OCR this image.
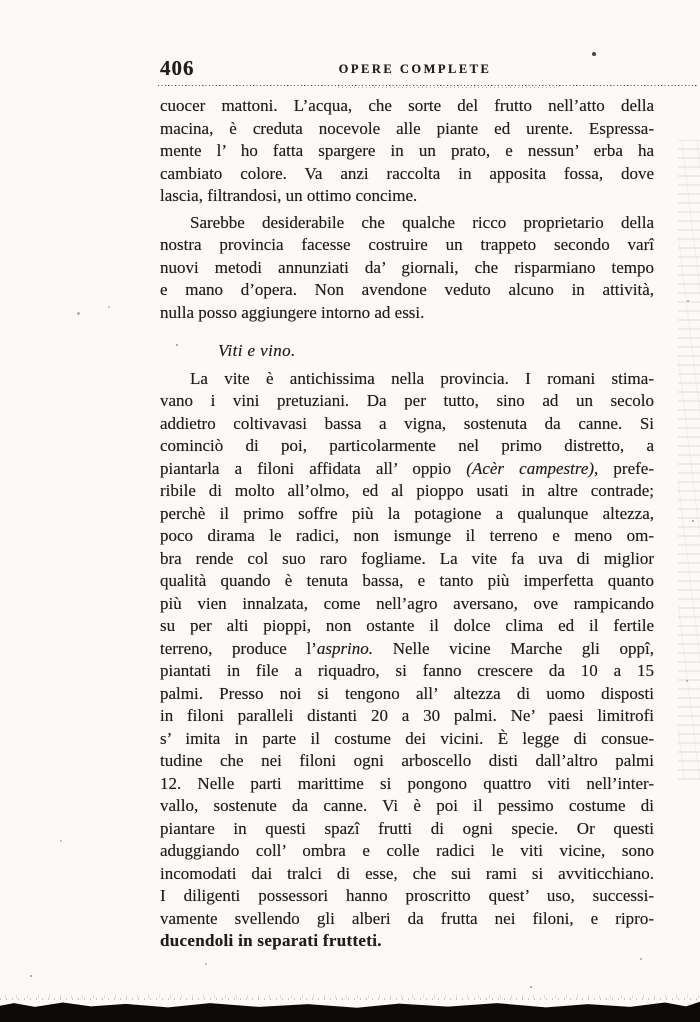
406	OPERE COMPLETE
cuocer mattoni. L’acqua, che sorte del frutto nell’atto della
macina, è creduta nocevole alle piante ed urente. Espressa-
mente l’ ho fatta spargere in un prato, e nessun’ erba ha
cambiato colore. Va anzi raccolta in apposita fossa, dove
lascia, filtrandosi, un ottimo concime.
Sarebbe desiderabile che qualche ricco proprietario della
nostra provincia facesse costruire un trappeto secondo varî
nuovi metodi annunziati da’ giornali, che risparmiano tempo
e mano d’opera. Non avendone veduto alcuno in attività,
nulla posso aggiungere intorno ad essi.
Viti e vino.
La vite è antichissima nella provincia. I romani stima-
vano i vini pretuziani. Da per tutto, sino ad un secolo
addietro coltivavasi bassa a vigna, sostenuta da canne. Si
cominciò di poi, particolarmente nel primo distretto, a
piantarla a filoni affidata all’ oppio (Acèr campestre), prefe-
ribile di molto all’olmo, ed al pioppo usati in altre contrade;
perchè il primo soffre più la potagione a qualunque altezza,
poco dirama le radici, non ismunge il terreno e meno om-
bra rende col suo raro fogliame. La vite fa uva di miglior
qualità quando è tenuta bassa, e tanto più imperfetta quanto
più vien innalzata, come nell’agro aversano, ove rampicando
su per alti pioppi, non ostante il dolce clima ed il fertile
terreno, produce l’asprino. Nelle vicine Marche gli oppî,
piantati in file a riquadro, si fanno crescere da 10 a 15
palmi. Presso noi si tengono all’ altezza di uomo disposti
in filoni paralleli distanti 20 a 30 palmi. Ne’ paesi limitrofi
s’ imita in parte il costume dei vicini. È legge di consue-
tudine che nei filoni ogni arboscello disti dall’altro palmi
12. Nelle parti marittime si pongono quattro viti nell’inter-
vallo, sostenute da canne. Vi è poi il pessimo costume di
piantare in questi spazî frutti di ogni specie. Or questi
aduggiando coll’ ombra e colle radici le viti vicine, sono
incomodati dai tralci di esse, che sui rami si avviticchiano.
I diligenti possessori hanno proscritto quest’ uso, successi-
vamente svellendo gli alberi da frutta nei filoni, e ripro-
ducendoli in separati frutteti.
